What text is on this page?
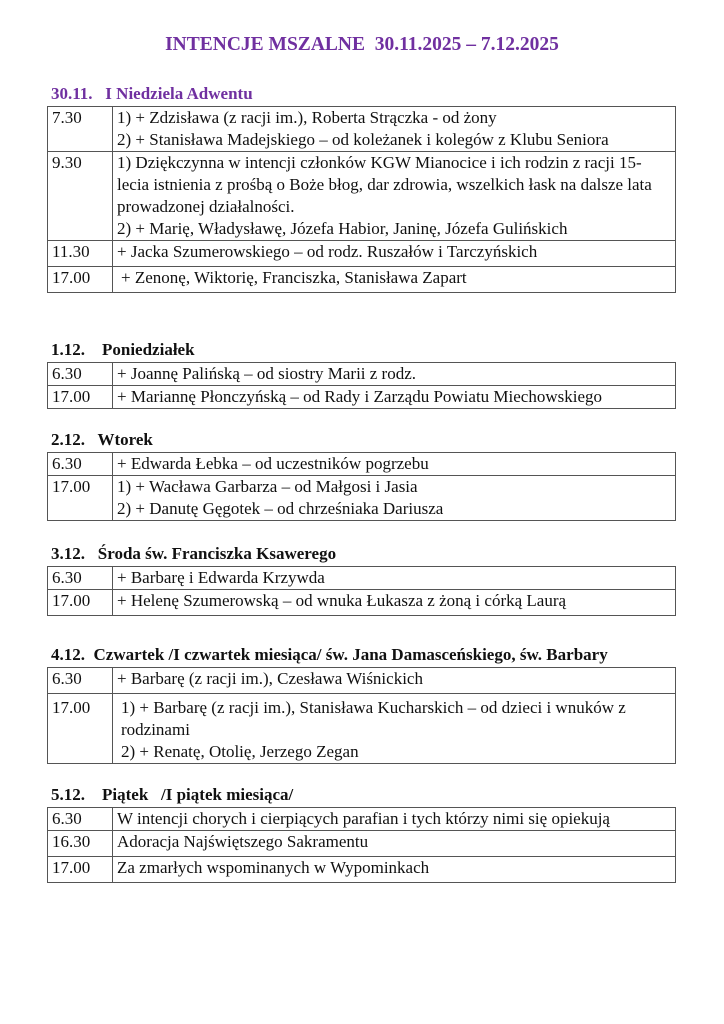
INTENCJE MSZALNE  30.11.2025 – 7.12.2025
30.11.   I Niedziela Adwentu
7.30	1) + Zdzisława (z racji im.), Roberta Strączka - od żony
2) + Stanisława Madejskiego – od koleżanek i kolegów z Klubu Seniora

9.30	1) Dziękczynna w intencji członków KGW Mianocice i ich rodzin z racji 15-lecia istnienia z prośbą o Boże błog, dar zdrowia, wszelkich łask na dalsze lata prowadzonej działalności.
2) + Marię, Władysławę, Józefa Habior, Janinę, Józefa Gulińskich

11.30	+ Jacka Szumerowskiego – od rodz. Ruszałów i Tarczyńskich

17.00	+ Zenonę, Wiktorię, Franciszka, Stanisława Zapart
1.12.    Poniedziałek
6.30	+ Joannę Palińską – od siostry Marii z rodz.

17.00	+ Mariannę Płonczyńską – od Rady i Zarządu Powiatu Miechowskiego
2.12.   Wtorek
6.30	+ Edwarda Łebka – od uczestników pogrzebu

17.00	1) + Wacława Garbarza – od Małgosi i Jasia
2) + Danutę Gęgotek – od chrześniaka Dariusza
3.12.   Środa św. Franciszka Ksawerego
6.30	+ Barbarę i Edwarda Krzywda

17.00	+ Helenę Szumerowską – od wnuka Łukasza z żoną i córką Laurą
4.12.  Czwartek /I czwartek miesiąca/ św. Jana Damasceńskiego, św. Barbary
6.30	+ Barbarę (z racji im.), Czesława Wiśnickich

17.00	1) + Barbarę (z racji im.), Stanisława Kucharskich – od dzieci i wnuków z rodzinami
2) + Renatę, Otolię, Jerzego Zegan
5.12.    Piątek   /I piątek miesiąca/
6.30	W intencji chorych i cierpiących parafian i tych którzy nimi się opiekują

16.30	Adoracja Najświętszego Sakramentu

17.00	Za zmarłych wspominanych w Wypominkach
